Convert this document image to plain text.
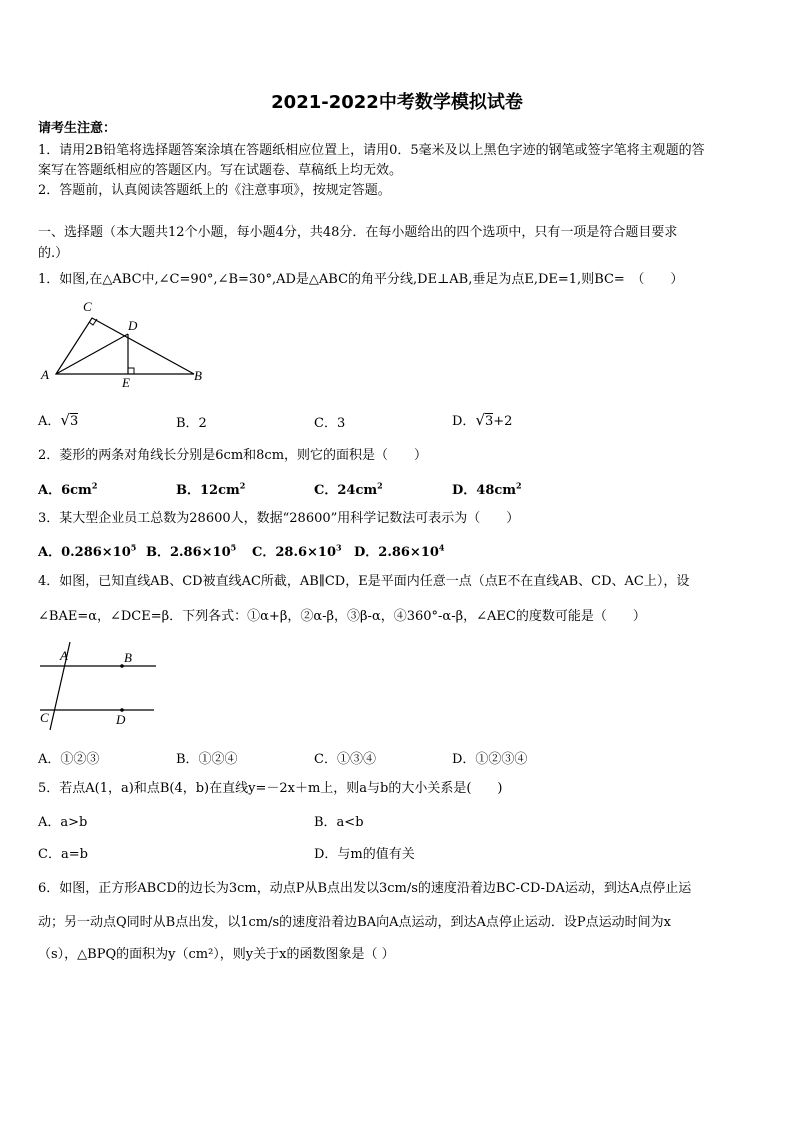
2021-2022中考数学模拟试卷
请考生注意：
1．请用2B铅笔将选择题答案涂填在答题纸相应位置上，请用0．5毫米及以上黑色字迹的钢笔或签字笔将主观题的答
案写在答题纸相应的答题区内。写在试题卷、草稿纸上均无效。
2．答题前，认真阅读答题纸上的《注意事项》，按规定答题。
一、选择题（本大题共12个小题，每小题4分，共48分．在每小题给出的四个选项中，只有一项是符合题目要求
的.）
1．如图,在△ABC中,∠C=90°,∠B=30°,AD是△ABC的角平分线,DE⊥AB,垂足为点E,DE=1,则BC=　（　　）
C
D
A
E	B
A．√3	B．2	C．3	D．√3+2
2．菱形的两条对角线长分别是6cm和8cm，则它的面积是（　　）
A．$6cm^2$	B．$12cm^2$	C．$24cm^2$	D．$48cm^2$
3．某大型企业员工总数为28600人，数据“28600”用科学记数法可表示为（　　）
A．$0.286\times 10^5$ B．$2.86\times 10^5$ C．$28.6\times 10^3$ D．$2.86\times 10^4$
4．如图，已知直线AB、CD被直线AC所截，AB∥CD，E是平面内任意一点（点E不在直线AB、CD、AC上），设
∠BAE=α，∠DCE=β．下列各式：①α+β，②α-β，③β-α，④360°-α-β，∠AEC的度数可能是（　　）
A	B
C	D
A．①②③	B．①②④	C．①③④	D．①②③④
5．若点A(1，a)和点B(4，b)在直线y=－2x＋m上，则a与b的大小关系是(　　)
A．a>b	B．a<b
C．a=b	D．与m的值有关
6．如图，正方形ABCD的边长为3cm，动点P从B点出发以3cm/s的速度沿着边BC-CD-DA运动，到达A点停止运
动；另一动点Q同时从B点出发，以1cm/s的速度沿着边BA向A点运动，到达A点停止运动．设P点运动时间为x
（s），△BPQ的面积为y（cm²），则y关于x的函数图象是（ ）
